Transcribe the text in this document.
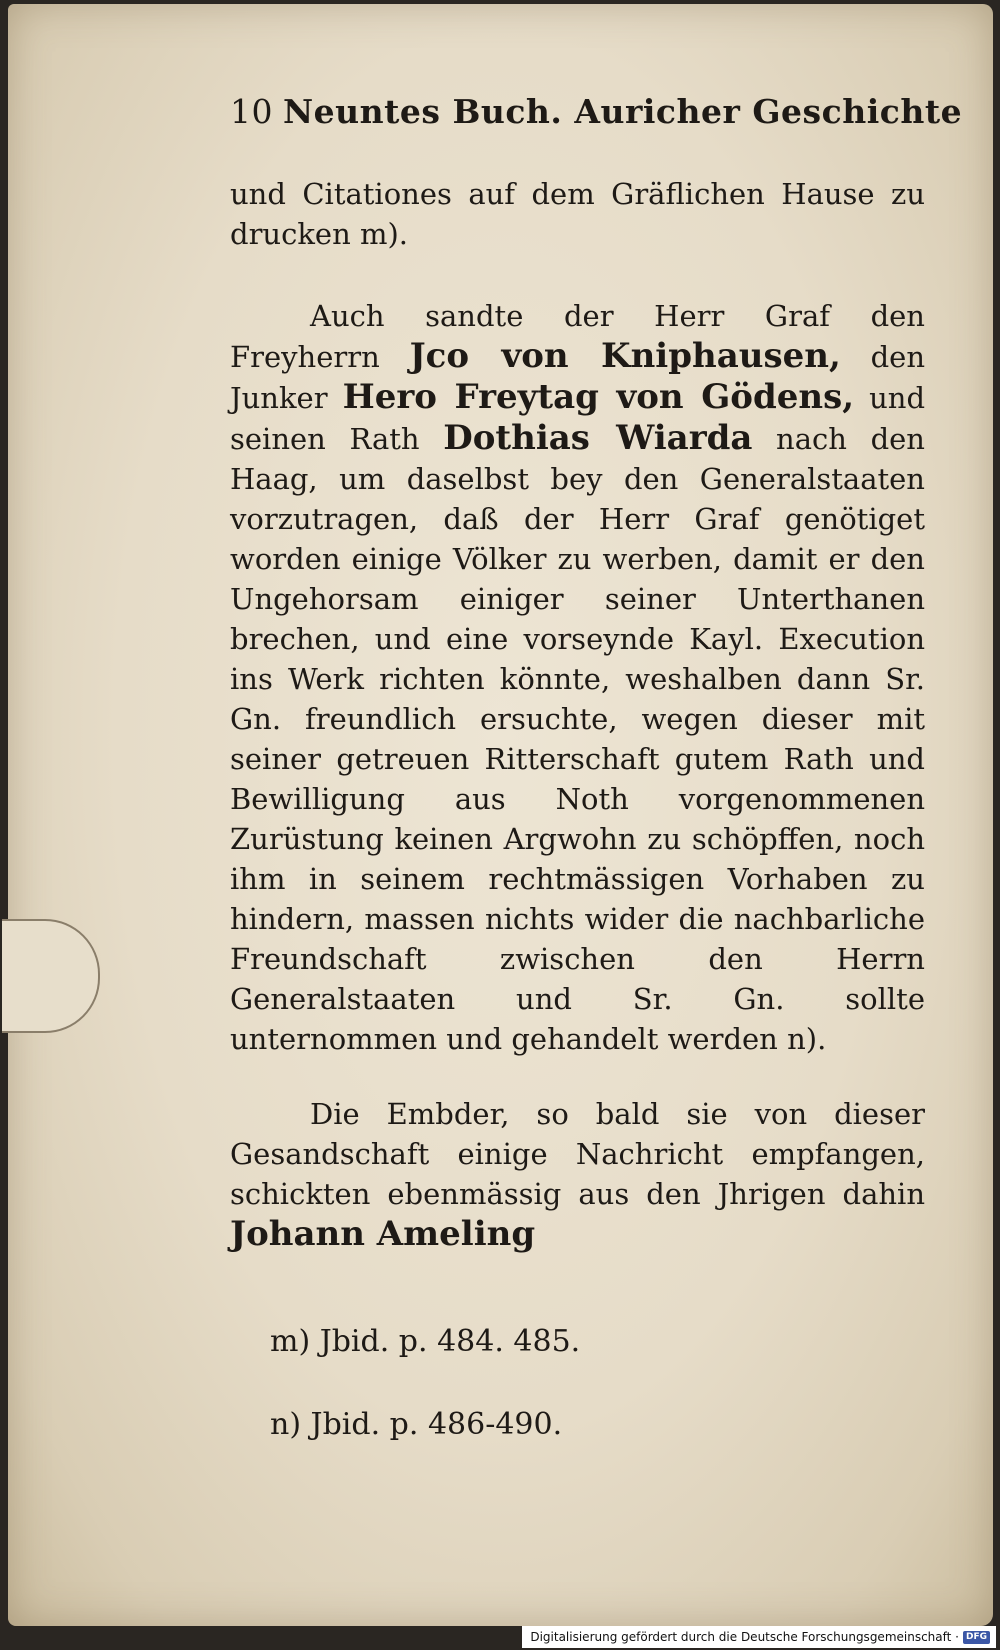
10 Neuntes Buch. Auricher Geschichte
und Citationes auf dem Gräflichen Hause zu drucken m).
Auch sandte der Herr Graf den Freyherrn Jco von Kniphausen, den Junker Hero Freytag von Gödens, und seinen Rath Dothias Wiarda nach den Haag, um daselbst bey den Generalstaaten vorzutragen, daß der Herr Graf genötiget worden einige Völker zu werben, damit er den Ungehorsam einiger seiner Unterthanen brechen, und eine vorseynde Kayl. Execution ins Werk richten könnte, weshalben dann Sr. Gn. freundlich ersuchte, wegen dieser mit seiner getreuen Ritterschaft gutem Rath und Bewilligung aus Noth vorgenommenen Zurüstung keinen Argwohn zu schöpffen, noch ihm in seinem rechtmässigen Vorhaben zu hindern, massen nichts wider die nachbarliche Freundschaft zwischen den Herrn Generalstaaten und Sr. Gn. sollte unternommen und gehandelt werden n).
Die Embder, so bald sie von dieser Gesandschaft einige Nachricht empfangen, schickten ebenmässig aus den Jhrigen dahin Johann Ameling
m) Jbid. p. 484. 485.
n) Jbid. p. 486-490.
Digitalisierung gefördert durch die Deutsche Forschungsgemeinschaft · DFG
